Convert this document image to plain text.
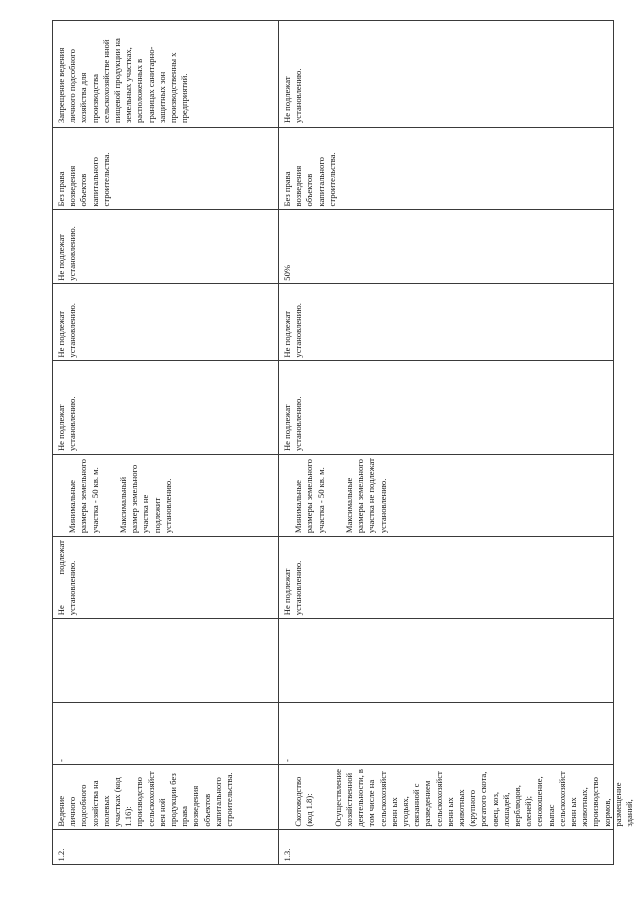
1.2.
Ведение личного подсобного хозяйства на полевых участках (код 1.16):
производство сельскохозяйствен ной продукции без права возведения объектов капитального строительства.
-
Не подлежат установлению.

Минимальные размеры земельного участка - 50 кв. м. Максимальный размер земельного участка не подлежит установлению.

Не подлежат установлению.
Не подлежат установлению.
Не подлежат установлению.
Без права возведения объектов капитального строительства.
1.3.

Скотоводство (код 1.8): Осуществление хозяйственной деятельности, в том числе на сельскохозяйственн ых угодьях, связанной с разведением сельскохозяйственн ых животных (крупного рогатого скота, овец, коз, лошадей, верблюдов, оленей); сенокошение, выпас сельскохозяйственн ых животных, производство кормов, размещение зданий,

-
Не подлежат установлению.

Минимальные размеры земельного участка - 50 кв. м. Максимальные размеры земельного участка не подлежат установлению.

Не подлежат установлению.
Не подлежат установлению.
50%
Без права возведения объектов капитального строительства.
Запрещение ведения личного подсобного хозяйства для производства сельскохозяйстве нной пищевой продукции на земельных участках, расположенных в границах санитарно-защитных зон производственны х предприятий.	Не подлежат установлению.
